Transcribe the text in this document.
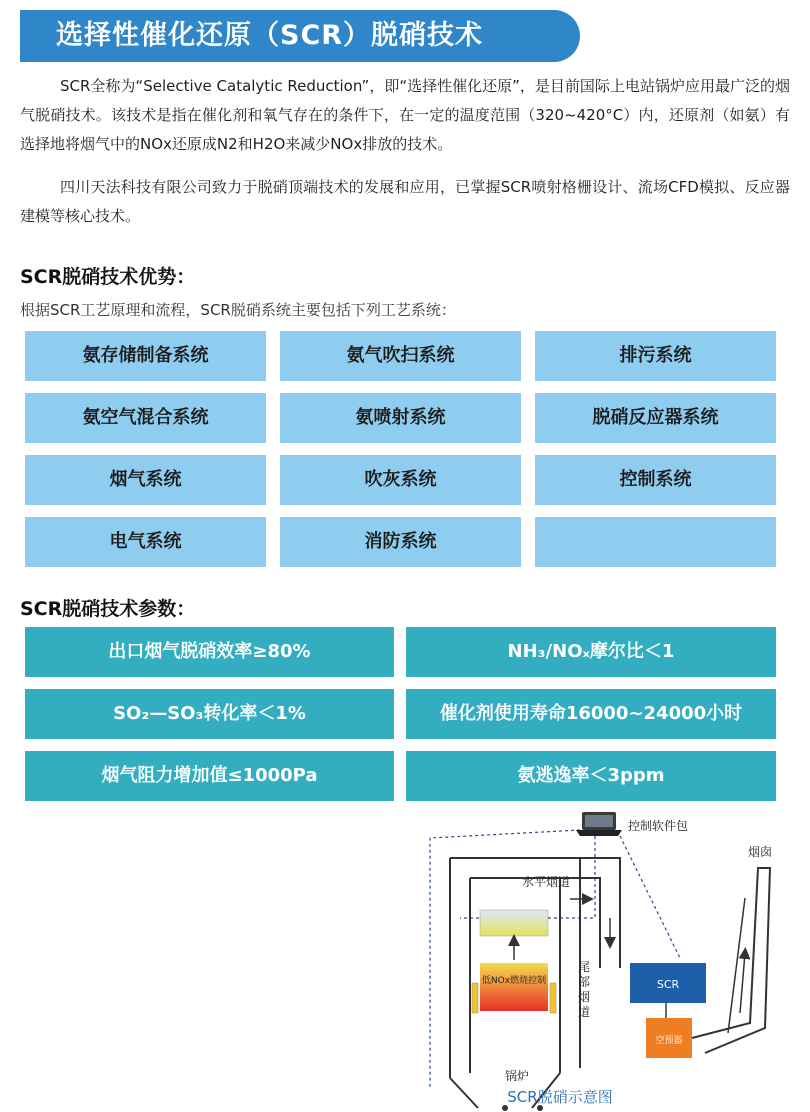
选择性催化还原（SCR）脱硝技术

SCR全称为“Selective Catalytic Reduction”，即“选择性催化还原”，是目前国际上电站锅炉应用最广泛的烟气脱硝技术。该技术是指在催化剂和氧气存在的条件下，在一定的温度范围（320~420°C）内，还原剂（如氨）有选择地将烟气中的NOx还原成N2和H2O来减少NOx排放的技术。

四川天法科技有限公司致力于脱硝顶端技术的发展和应用，已掌握SCR喷射格栅设计、流场CFD模拟、反应器建模等核心技术。

SCR脱硝技术优势：
根据SCR工艺原理和流程，SCR脱硝系统主要包括下列工艺系统：
氨存储制备系统	氨气吹扫系统	排污系统
氨空气混合系统	氨喷射系统	脱硝反应器系统
烟气系统	吹灰系统	控制系统
电气系统	消防系统
SCR脱硝技术参数：
出口烟气脱硝效率≥80%	NH₃/NOₓ摩尔比＜1
SO₂—SO₃转化率＜1%	催化剂使用寿命16000~24000小时
烟气阻力增加值≤1000Pa	氨逃逸率＜3ppm
控制软件包
低NOx燃烧控制
水平烟道
尾 部 烟 道
SCR
空预器
烟囱
锅炉
SCR脱硝示意图
